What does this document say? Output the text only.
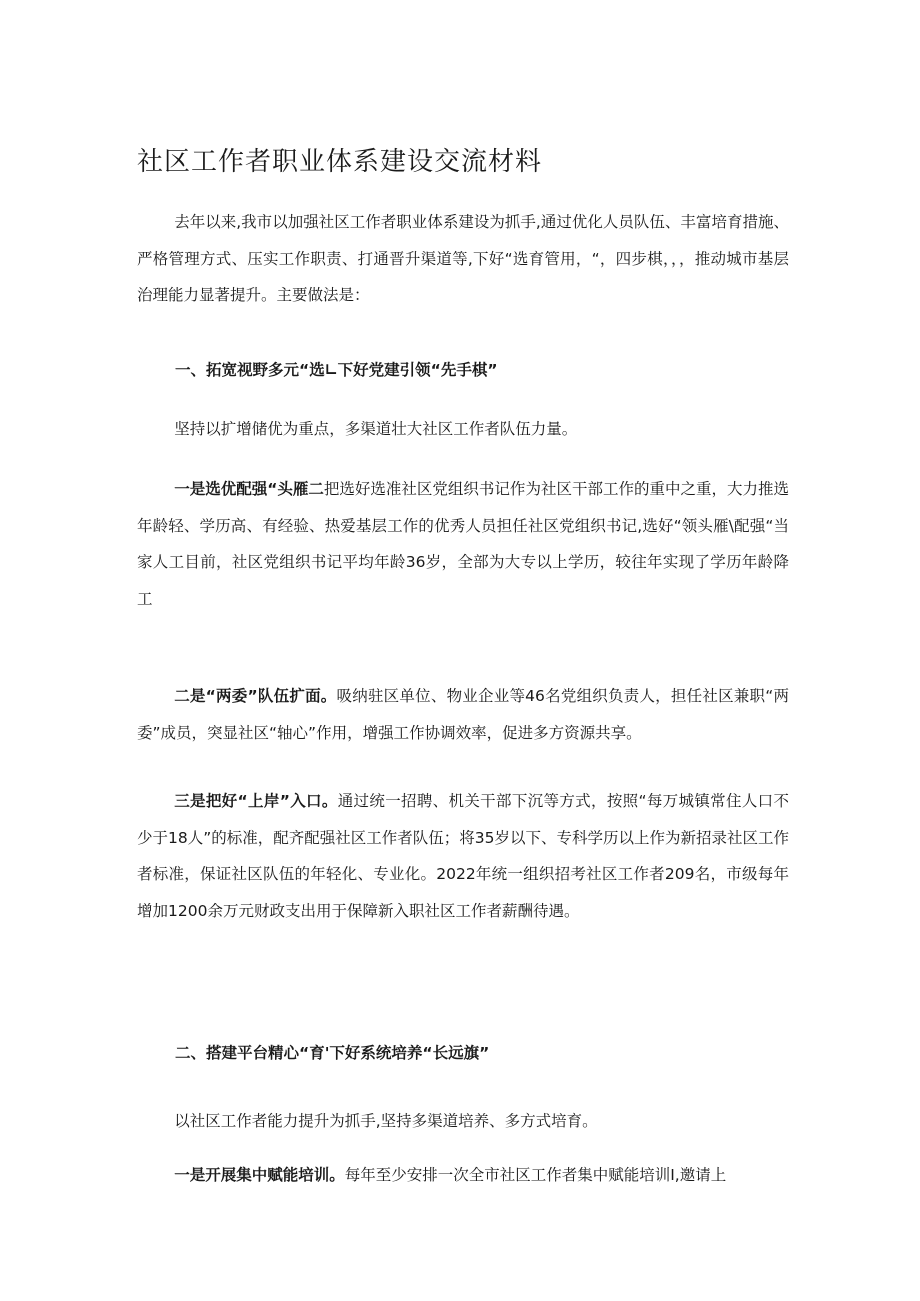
社区工作者职业体系建设交流材料

去年以来,我市以加强社区工作者职业体系建设为抓手,通过优化人员队伍、丰富培育措施、严格管理方式、压实工作职责、打通晋升渠道等,下好“选育管用，“，四步棋，，，推动城市基层治理能力显著提升。主要做法是：

一、拓宽视野多元“选∟下好党建引领“先手棋”

坚持以扩增储优为重点，多渠道壮大社区工作者队伍力量。

一是选优配强“头雁二把选好选准社区党组织书记作为社区干部工作的重中之重，大力推选年龄轻、学历高、有经验、热爱基层工作的优秀人员担任社区党组织书记,选好“领头雁\配强“当家人工目前，社区党组织书记平均年龄36岁，全部为大专以上学历，较往年实现了学历年龄降工

二是“两委”队伍扩面。吸纳驻区单位、物业企业等46名党组织负责人，担任社区兼职“两委”成员，突显社区“轴心”作用，增强工作协调效率，促进多方资源共享。

三是把好“上岸”入口。通过统一招聘、机关干部下沉等方式，按照“每万城镇常住人口不少于18人”的标准，配齐配强社区工作者队伍；将35岁以下、专科学历以上作为新招录社区工作者标准，保证社区队伍的年轻化、专业化。2022年统一组织招考社区工作者209名，市级每年增加1200余万元财政支出用于保障新入职社区工作者薪酬待遇。

二、搭建平台精心“育'下好系统培养“长远旗”

以社区工作者能力提升为抓手,坚持多渠道培养、多方式培育。

一是开展集中赋能培训。每年至少安排一次全市社区工作者集中赋能培训I,邀请上
